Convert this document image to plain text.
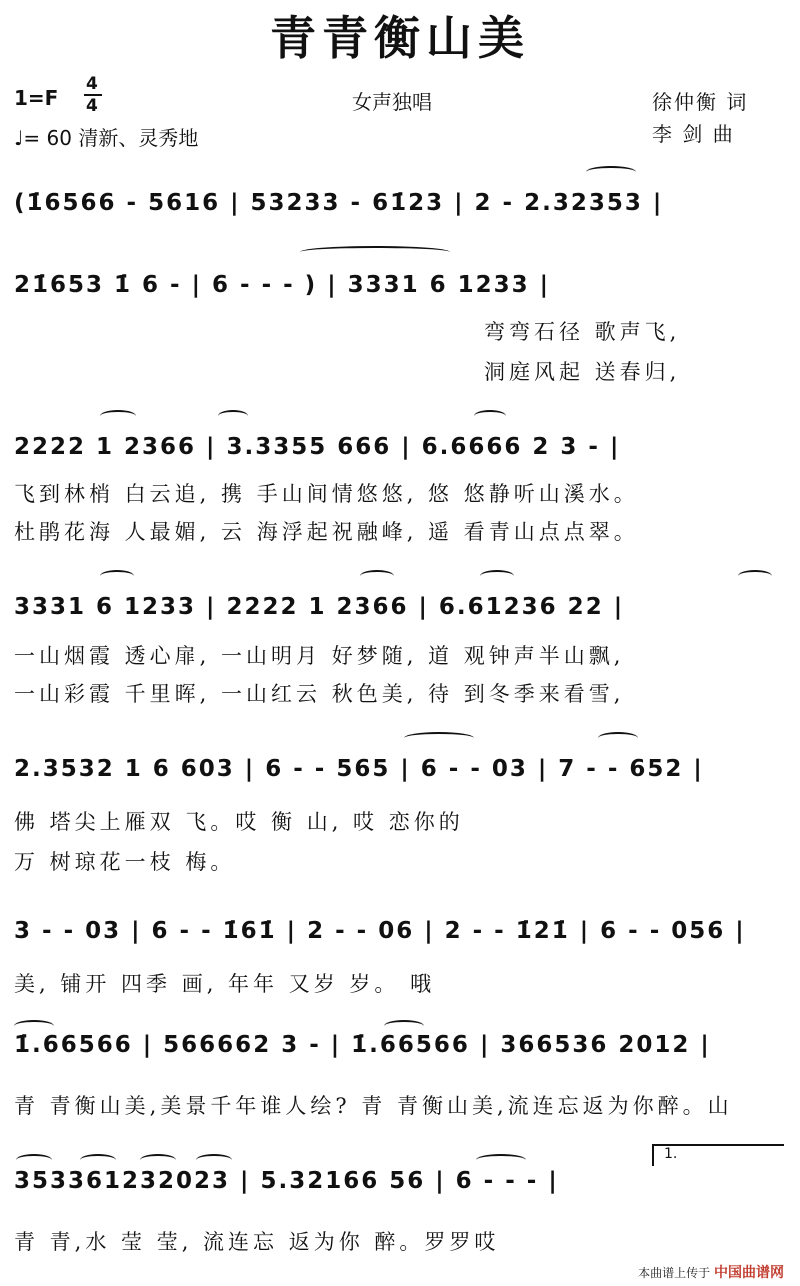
青青衡山美
1=F
4
4
♩= 60 清新、灵秀地
女声独唱	徐仲衡 词
李 剑 曲
(1̇6566 - 5616 | 53233 - 61̇23 | 2 - 2.32353 |
21̇653 1̇ 6 - | 6 - - - ) | 3331 6 1233 |
弯弯石径 歌声飞,
洞庭风起 送春归,
2222 1 2366 | 3.3355 666 | 6.6666 2 3 - |
飞到林梢 白云追, 携 手山间情悠悠, 悠 悠静听山溪水。
杜鹃花海 人最媚, 云 海浮起祝融峰, 遥 看青山点点翠。
3331 6 1233 | 2222 1 2366 | 6.61236 22 |
一山烟霞 透心扉, 一山明月 好梦随, 道 观钟声半山飘,
一山彩霞 千里晖, 一山红云 秋色美, 待 到冬季来看雪,
2.3532 1 6 603 | 6 - - 565 | 6 - - 03 | 7 - - 652 |
佛 塔尖上雁双 飞。哎 衡 山, 哎 恋你的
万 树琼花一枝 梅。
3 - - 03 | 6 - - 1̇61̇ | 2 - - 06 | 2 - - 1̇21̇ | 6 - - 056 |
美, 铺开 四季 画, 年年 又岁 岁。 哦
1̇.66566 | 566662 3 - | 1̇.66566 | 366536 2012 |
青 青衡山美,美景千年谁人绘? 青 青衡山美,流连忘返为你醉。山
353361232023 | 5.32166 56 | 6 - - - |
青 青,水 莹 莹, 流连忘 返为你 醉。罗罗哎
1.
本曲谱上传于 中国曲谱网
